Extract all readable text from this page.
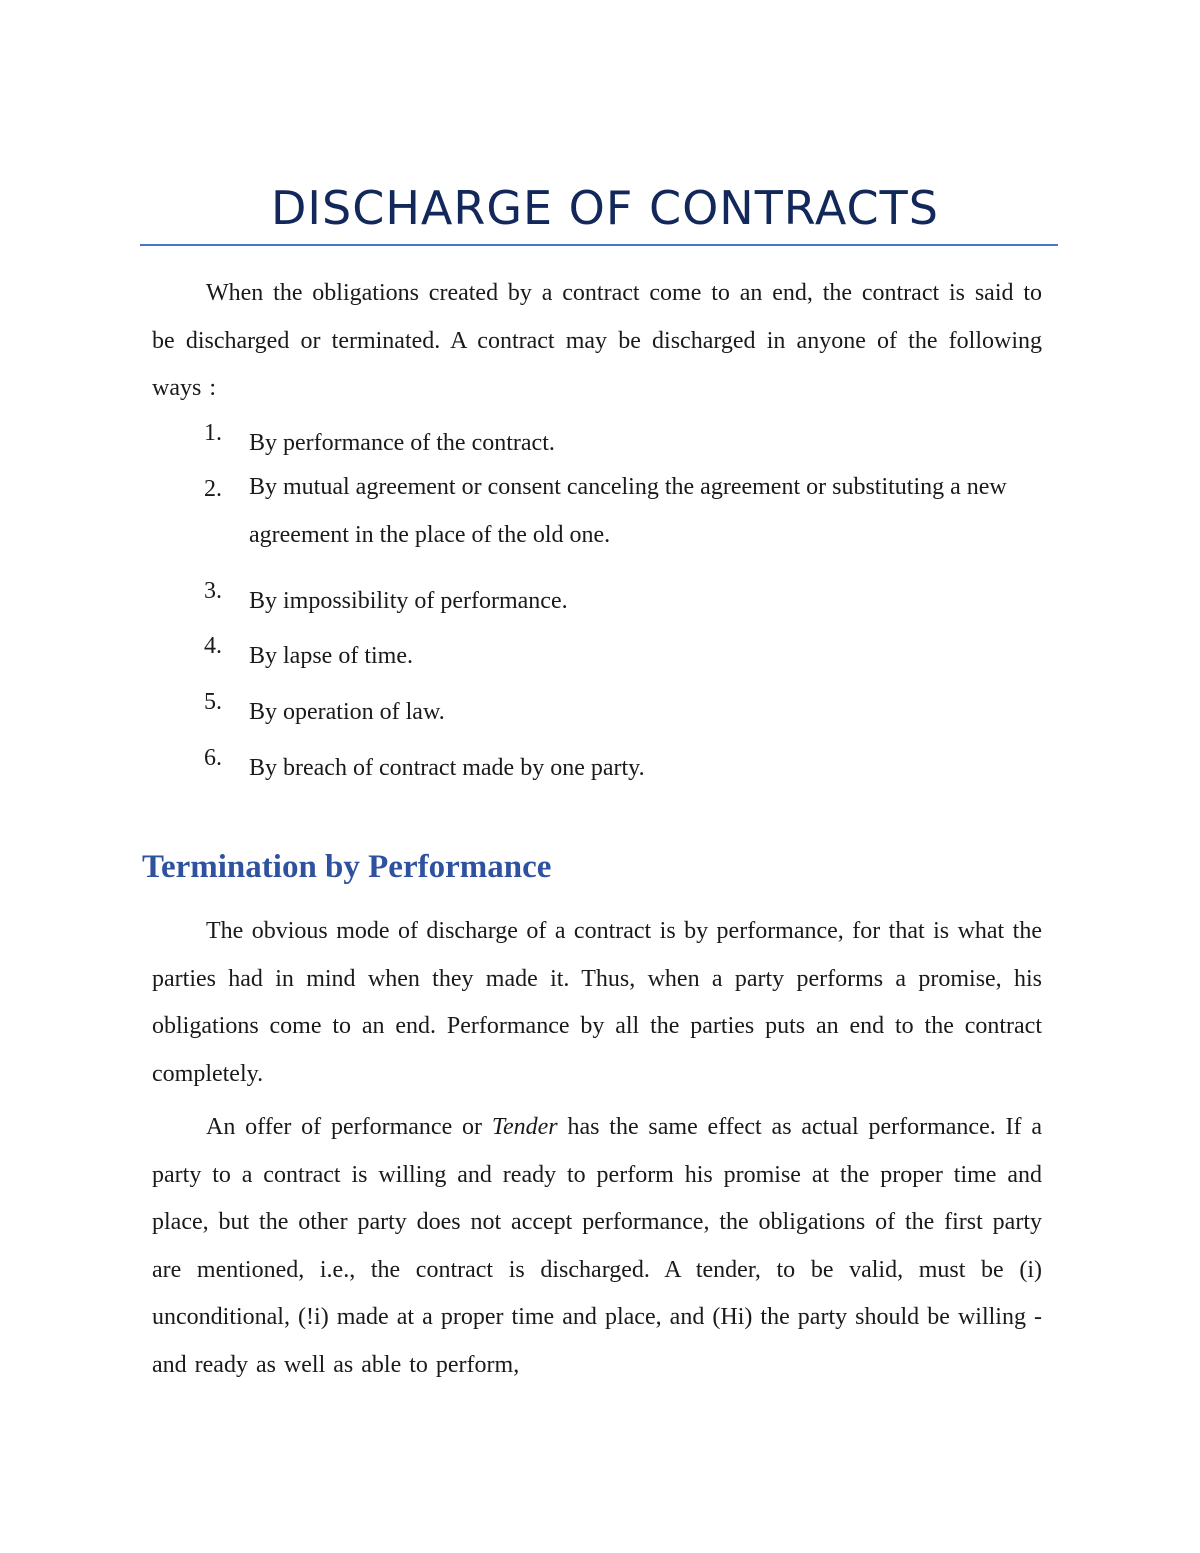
DISCHARGE OF CONTRACTS

When the obligations created by a contract come to an end, the contract is said to be discharged or terminated. A contract may be discharged in anyone of the following ways :

1.	By performance of the contract.
2.	By mutual agreement or consent canceling the agreement or substituting a new agreement in the place of the old one.
3.	By impossibility of performance.
4.	By lapse of time.
5.	By operation of law.
6.	By breach of contract made by one party.
Termination by Performance

The obvious mode of discharge of a contract is by performance, for that is what the parties had in mind when they made it. Thus, when a party performs a promise, his obligations come to an end. Performance by all the parties puts an end to the contract completely.

An offer of performance or Tender has the same effect as actual performance. If a party to a contract is willing and ready to perform his promise at the proper time and place, but the other party does not accept performance, the obligations of the first party are mentioned, i.e., the contract is discharged. A tender, to be valid, must be (i) unconditional, (!i) made at a proper time and place, and (Hi) the party should be willing -and ready as well as able to perform,
